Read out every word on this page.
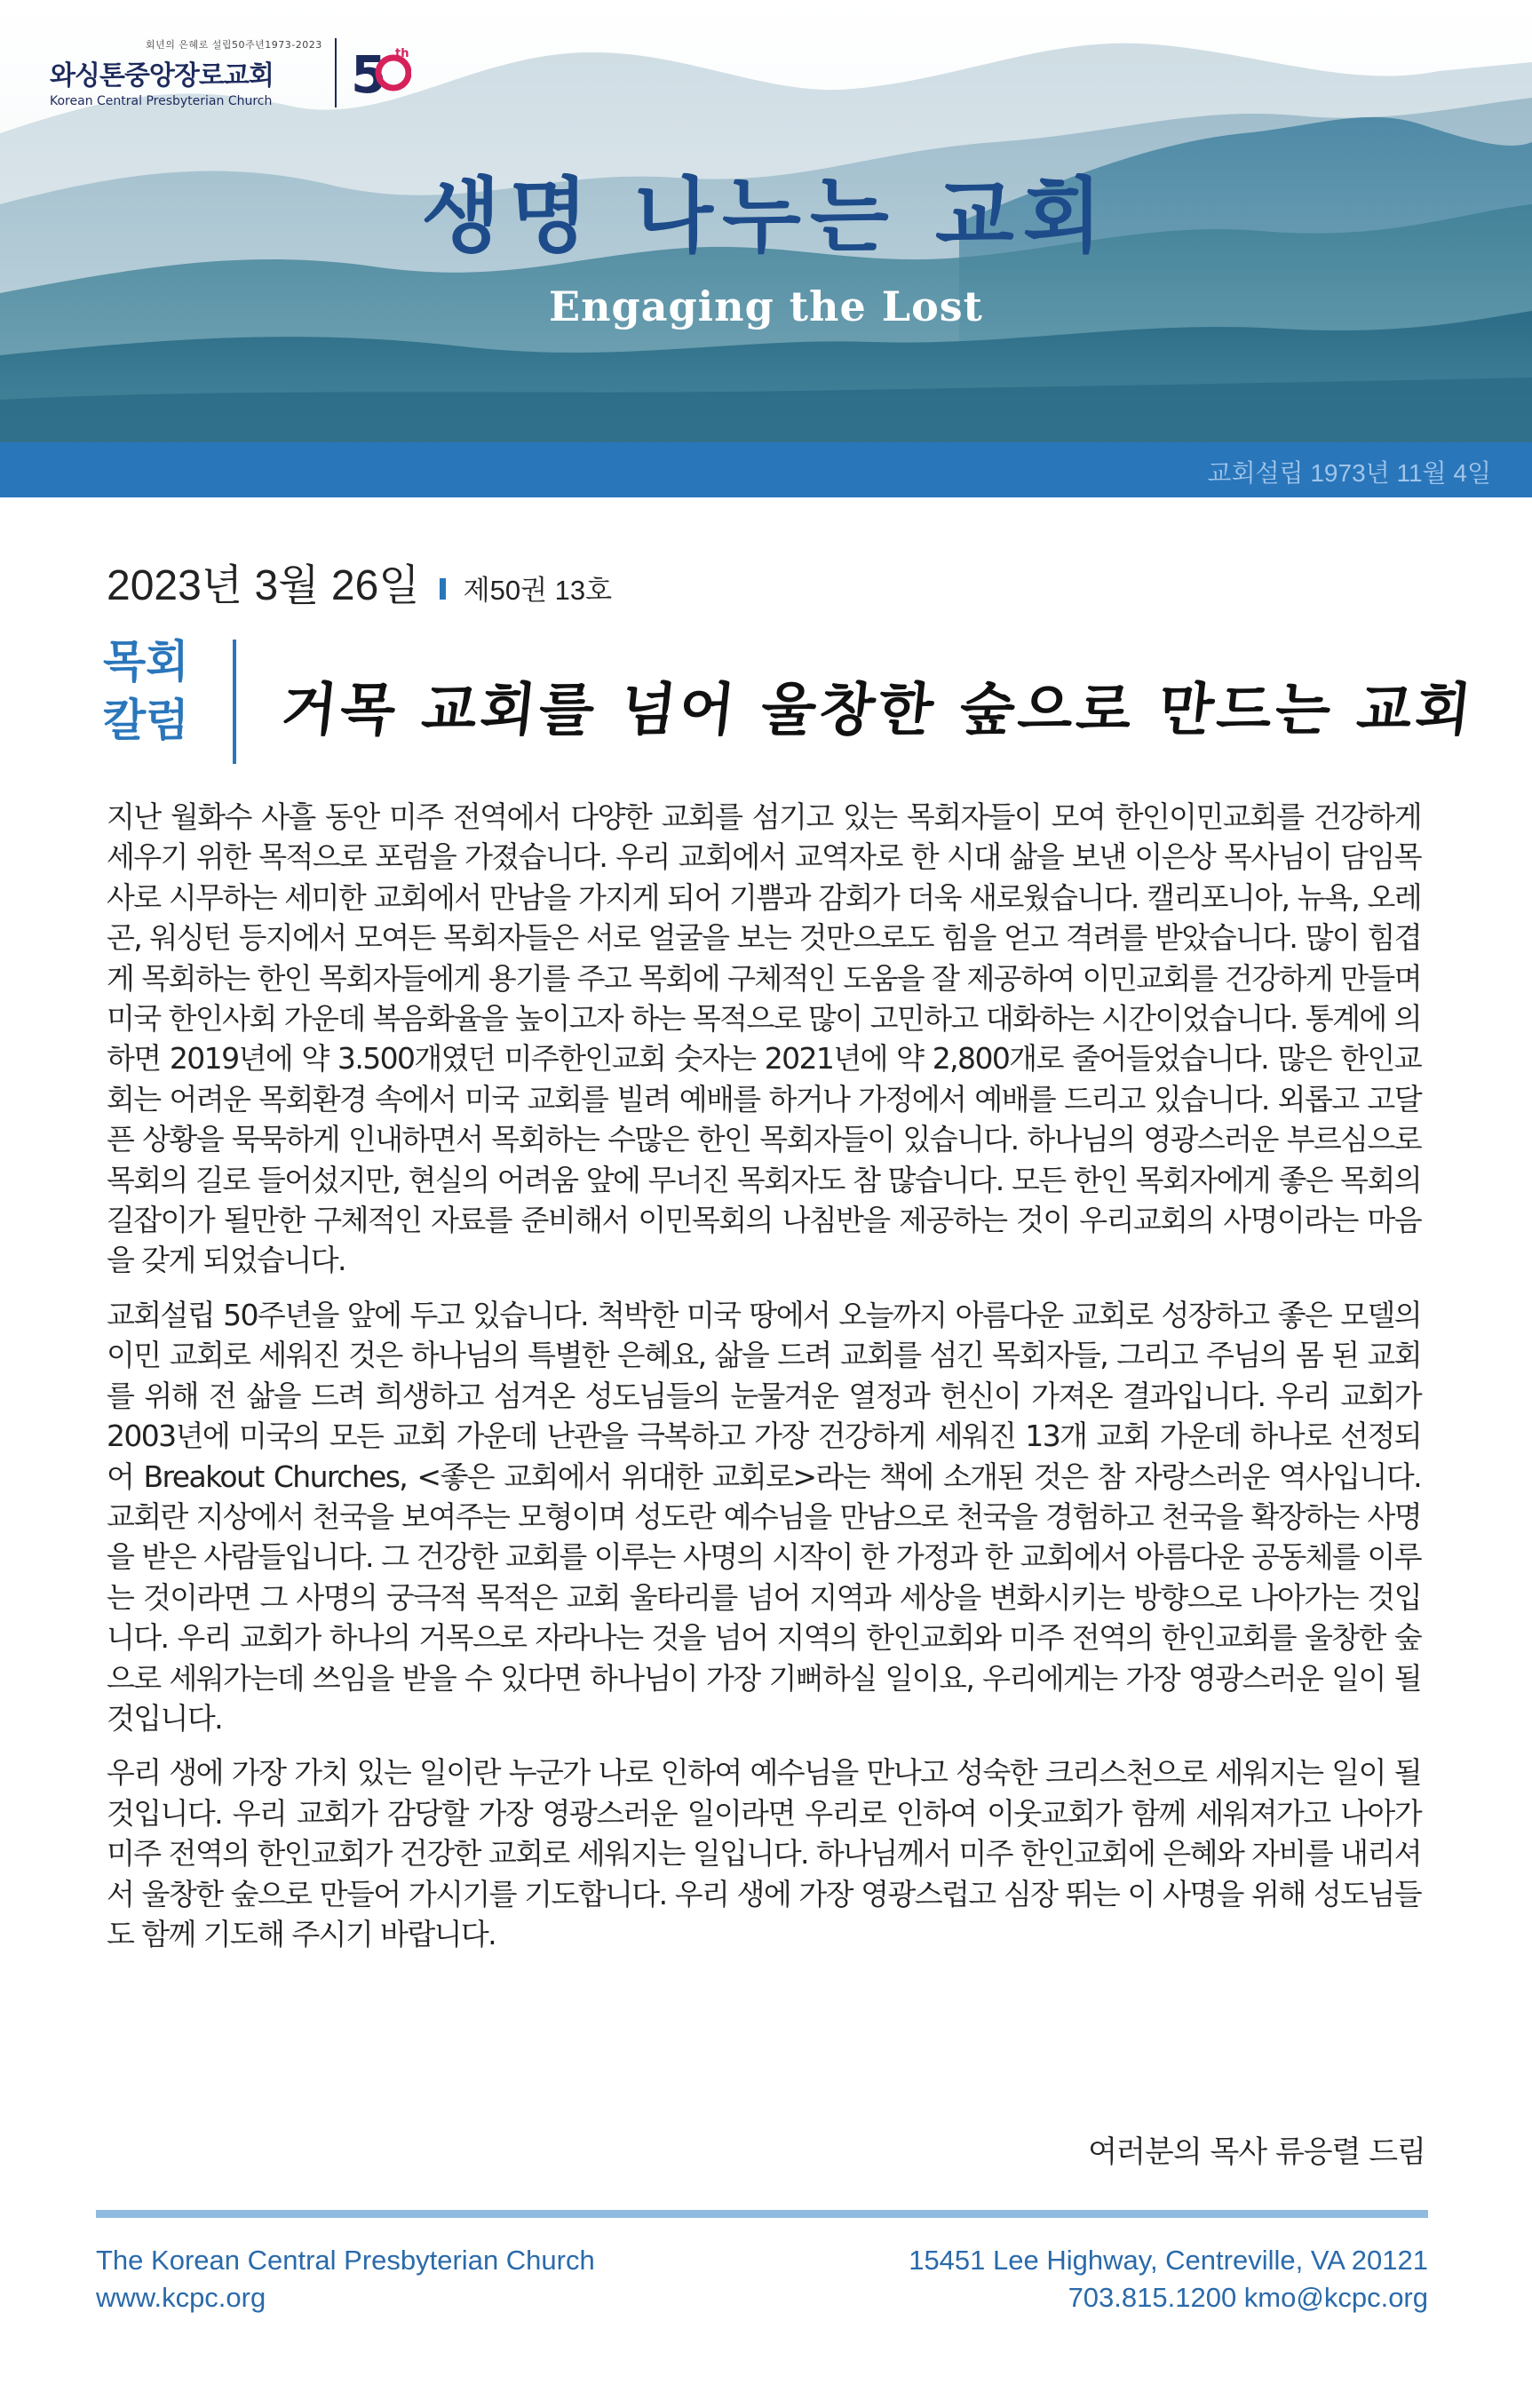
회년의 은혜로 설립50주년1973-2023
와싱톤중앙장로교회
Korean Central Presbyterian Church 5 th
생명 나누는 교회
Engaging the Lost
교회설립 1973년 11월 4일
2023년 3월 26일 제50권 13호
목회
칼럼	거목 교회를 넘어 울창한 숲으로 만드는 교회

지난 월화수 사흘 동안 미주 전역에서 다양한 교회를 섬기고 있는 목회자들이 모여 한인이민교회를 건강하게 세우기 위한 목적으로 포럼을 가졌습니다. 우리 교회에서 교역자로 한 시대 삶을 보낸 이은상 목사님이 담임목사로 시무하는 세미한 교회에서 만남을 가지게 되어 기쁨과 감회가 더욱 새로웠습니다. 캘리포니아, 뉴욕, 오레곤, 워싱턴 등지에서 모여든 목회자들은 서로 얼굴을 보는 것만으로도 힘을 얻고 격려를 받았습니다. 많이 힘겹게 목회하는 한인 목회자들에게 용기를 주고 목회에 구체적인 도움을 잘 제공하여 이민교회를 건강하게 만들며 미국 한인사회 가운데 복음화율을 높이고자 하는 목적으로 많이 고민하고 대화하는 시간이었습니다. 통계에 의하면 2019년에 약 3.500개였던 미주한인교회 숫자는 2021년에 약 2,800개로 줄어들었습니다. 많은 한인교회는 어려운 목회환경 속에서 미국 교회를 빌려 예배를 하거나 가정에서 예배를 드리고 있습니다. 외롭고 고달픈 상황을 묵묵하게 인내하면서 목회하는 수많은 한인 목회자들이 있습니다. 하나님의 영광스러운 부르심으로 목회의 길로 들어섰지만, 현실의 어려움 앞에 무너진 목회자도 참 많습니다. 모든 한인 목회자에게 좋은 목회의 길잡이가 될만한 구체적인 자료를 준비해서 이민목회의 나침반을 제공하는 것이 우리교회의 사명이라는 마음을 갖게 되었습니다.

교회설립 50주년을 앞에 두고 있습니다. 척박한 미국 땅에서 오늘까지 아름다운 교회로 성장하고 좋은 모델의 이민 교회로 세워진 것은 하나님의 특별한 은혜요, 삶을 드려 교회를 섬긴 목회자들, 그리고 주님의 몸 된 교회를 위해 전 삶을 드려 희생하고 섬겨온 성도님들의 눈물겨운 열정과 헌신이 가져온 결과입니다. 우리 교회가 2003년에 미국의 모든 교회 가운데 난관을 극복하고 가장 건강하게 세워진 13개 교회 가운데 하나로 선정되어 Breakout Churches, <좋은 교회에서 위대한 교회로>라는 책에 소개된 것은 참 자랑스러운 역사입니다. 교회란 지상에서 천국을 보여주는 모형이며 성도란 예수님을 만남으로 천국을 경험하고 천국을 확장하는 사명을 받은 사람들입니다. 그 건강한 교회를 이루는 사명의 시작이 한 가정과 한 교회에서 아름다운 공동체를 이루는 것이라면 그 사명의 궁극적 목적은 교회 울타리를 넘어 지역과 세상을 변화시키는 방향으로 나아가는 것입니다. 우리 교회가 하나의 거목으로 자라나는 것을 넘어 지역의 한인교회와 미주 전역의 한인교회를 울창한 숲으로 세워가는데 쓰임을 받을 수 있다면 하나님이 가장 기뻐하실 일이요, 우리에게는 가장 영광스러운 일이 될 것입니다.

우리 생에 가장 가치 있는 일이란 누군가 나로 인하여 예수님을 만나고 성숙한 크리스천으로 세워지는 일이 될 것입니다. 우리 교회가 감당할 가장 영광스러운 일이라면 우리로 인하여 이웃교회가 함께 세워져가고 나아가 미주 전역의 한인교회가 건강한 교회로 세워지는 일입니다. 하나님께서 미주 한인교회에 은혜와 자비를 내리셔서 울창한 숲으로 만들어 가시기를 기도합니다. 우리 생에 가장 영광스럽고 심장 뛰는 이 사명을 위해 성도님들도 함께 기도해 주시기 바랍니다.

여러분의 목사 류응렬 드림
The Korean Central Presbyterian Church
www.kcpc.org
15451 Lee Highway, Centreville, VA 20121
703.815.1200 kmo@kcpc.org
